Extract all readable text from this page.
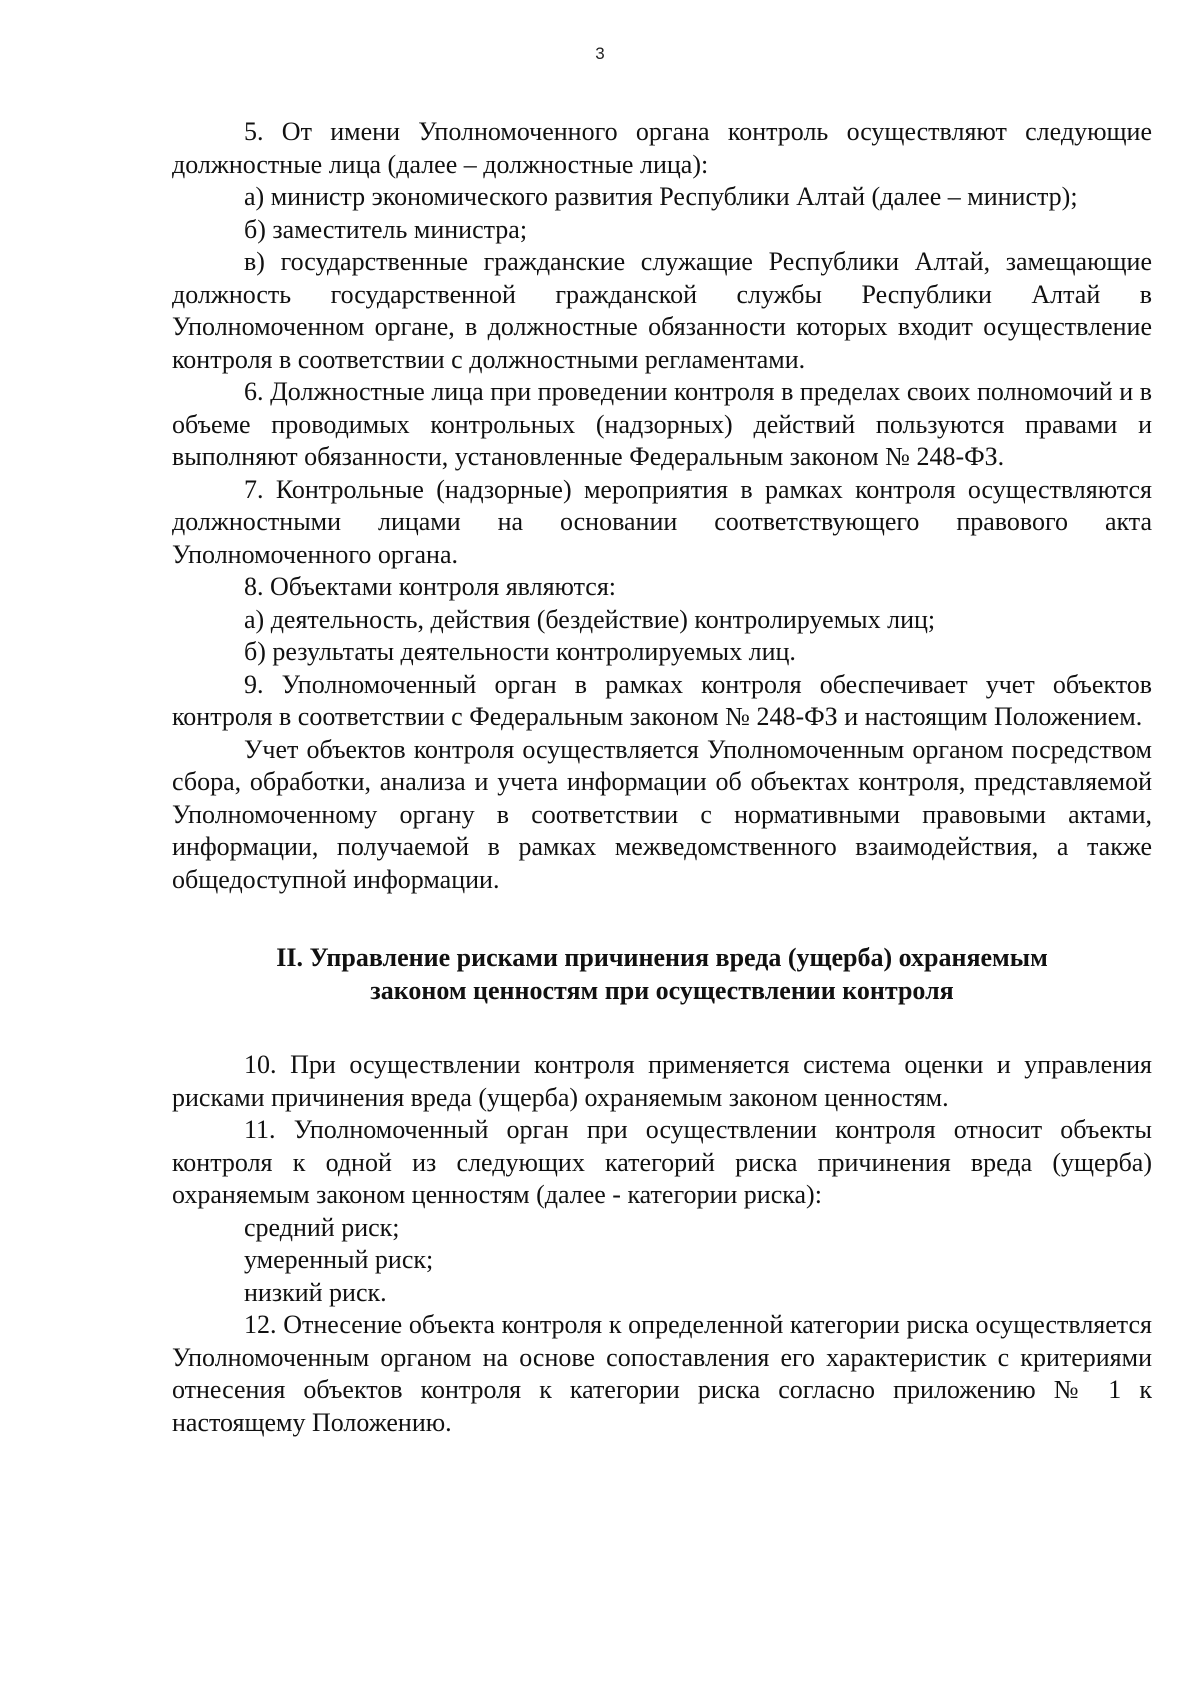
3

5. От имени Уполномоченного органа контроль осуществляют следующие должностные лица (далее – должностные лица):

а) министр экономического развития Республики Алтай (далее – министр);

б) заместитель министра;

в) государственные гражданские служащие Республики Алтай, замещающие должность государственной гражданской службы Республики Алтай в Уполномоченном органе, в должностные обязанности которых входит осуществление контроля в соответствии с должностными регламентами.

6. Должностные лица при проведении контроля в пределах своих полномочий и в объеме проводимых контрольных (надзорных) действий пользуются правами и выполняют обязанности, установленные Федеральным законом № 248-ФЗ.

7. Контрольные (надзорные) мероприятия в рамках контроля осуществляются должностными лицами на основании соответствующего правового акта Уполномоченного органа.

8. Объектами контроля являются:

а) деятельность, действия (бездействие) контролируемых лиц;

б) результаты деятельности контролируемых лиц.

9. Уполномоченный орган в рамках контроля обеспечивает учет объектов контроля в соответствии с Федеральным законом № 248-ФЗ и настоящим Положением.

Учет объектов контроля осуществляется Уполномоченным органом посредством сбора, обработки, анализа и учета информации об объектах контроля, представляемой Уполномоченному органу в соответствии с нормативными правовыми актами, информации, получаемой в рамках межведомственного взаимодействия, а также общедоступной информации.

II. Управление рисками причинения вреда (ущерба) охраняемым
законом ценностям при осуществлении контроля

10. При осуществлении контроля применяется система оценки и управления рисками причинения вреда (ущерба) охраняемым законом ценностям.

11. Уполномоченный орган при осуществлении контроля относит объекты контроля к одной из следующих категорий риска причинения вреда (ущерба) охраняемым законом ценностям (далее - категории риска):

средний риск;

умеренный риск;

низкий риск.

12. Отнесение объекта контроля к определенной категории риска осуществляется Уполномоченным органом на основе сопоставления его характеристик с критериями отнесения объектов контроля к категории риска согласно приложению № 1 к настоящему Положению.
